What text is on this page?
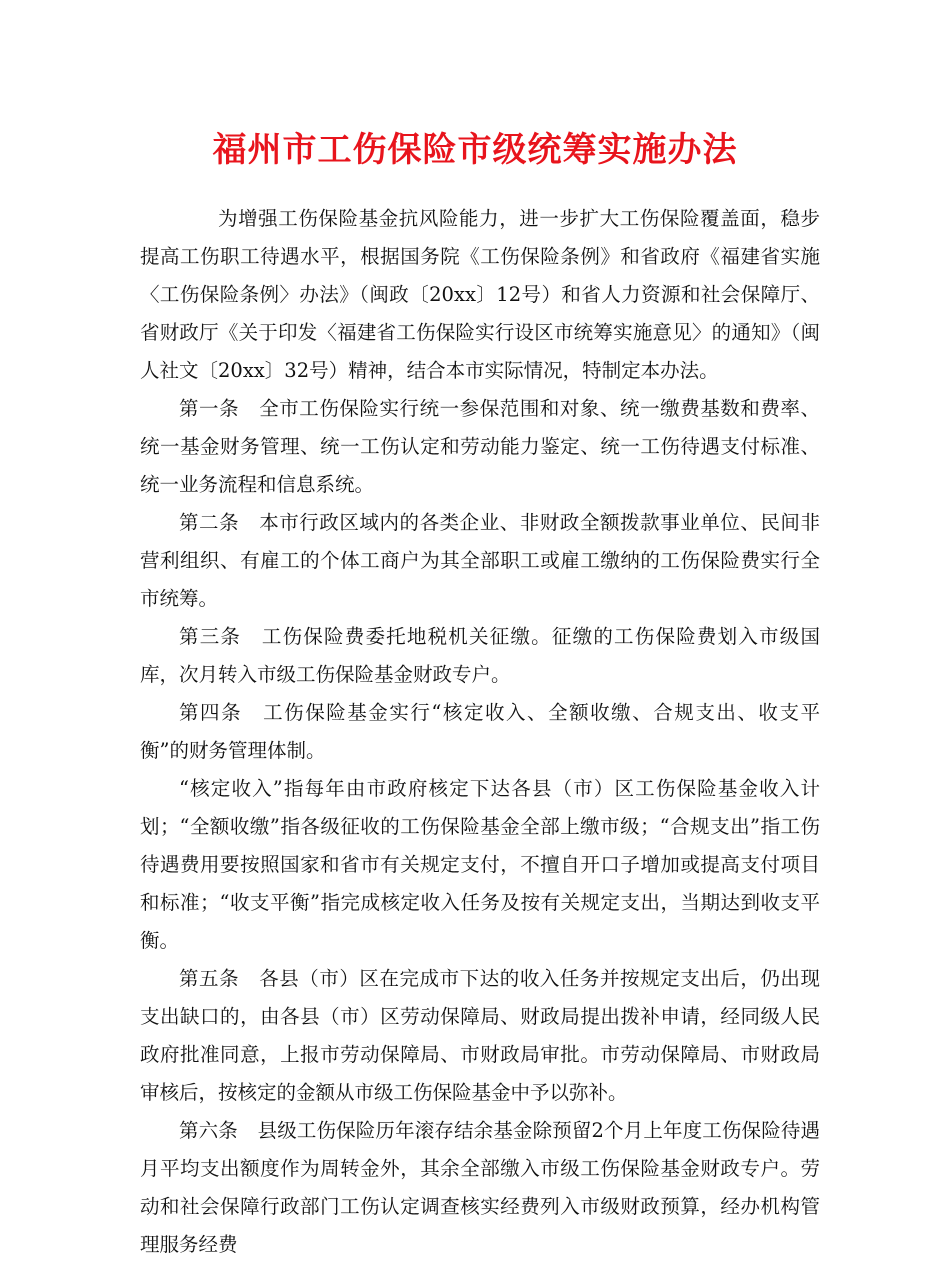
福州市工伤保险市级统筹实施办法

为增强工伤保险基金抗风险能力，进一步扩大工伤保险覆盖面，稳步提高工伤职工待遇水平，根据国务院《工伤保险条例》和省政府《福建省实施〈工伤保险条例〉办法》（闽政〔20xx〕12号）和省人力资源和社会保障厅、省财政厅《关于印发〈福建省工伤保险实行设区市统筹实施意见〉的通知》（闽人社文〔20xx〕32号）精神，结合本市实际情况，特制定本办法。

第一条　全市工伤保险实行统一参保范围和对象、统一缴费基数和费率、统一基金财务管理、统一工伤认定和劳动能力鉴定、统一工伤待遇支付标准、统一业务流程和信息系统。

第二条　本市行政区域内的各类企业、非财政全额拨款事业单位、民间非营利组织、有雇工的个体工商户为其全部职工或雇工缴纳的工伤保险费实行全市统筹。

第三条　工伤保险费委托地税机关征缴。征缴的工伤保险费划入市级国库，次月转入市级工伤保险基金财政专户。

第四条　工伤保险基金实行“核定收入、全额收缴、合规支出、收支平衡”的财务管理体制。

“核定收入”指每年由市政府核定下达各县（市）区工伤保险基金收入计划；“全额收缴”指各级征收的工伤保险基金全部上缴市级；“合规支出”指工伤待遇费用要按照国家和省市有关规定支付，不擅自开口子增加或提高支付项目和标准；“收支平衡”指完成核定收入任务及按有关规定支出，当期达到收支平衡。

第五条　各县（市）区在完成市下达的收入任务并按规定支出后，仍出现支出缺口的，由各县（市）区劳动保障局、财政局提出拨补申请，经同级人民政府批准同意，上报市劳动保障局、市财政局审批。市劳动保障局、市财政局审核后，按核定的金额从市级工伤保险基金中予以弥补。

第六条　县级工伤保险历年滚存结余基金除预留2个月上年度工伤保险待遇月平均支出额度作为周转金外，其余全部缴入市级工伤保险基金财政专户。劳动和社会保障行政部门工伤认定调查核实经费列入市级财政预算，经办机构管理服务经费
